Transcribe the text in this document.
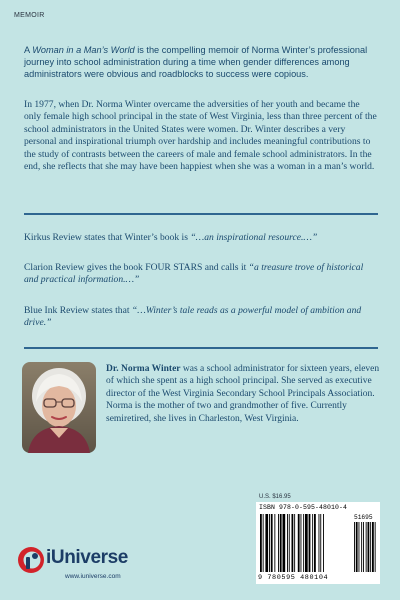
MEMOIR

A Woman in a Man’s World is the compelling memoir of Norma Winter’s professional journey into school administration during a time when gender differences among administrators were obvious and roadblocks to success were copious.

In 1977, when Dr. Norma Winter overcame the adversities of her youth and became the only female high school principal in the state of West Virginia, less than three percent of the school administrators in the United States were women. Dr. Winter describes a very personal and inspirational triumph over hardship and includes meaningful contributions to the study of contrasts between the careers of male and female school administrators. In the end, she reflects that she may have been happiest when she was a woman in a man’s world.

Kirkus Review states that Winter’s book is “…an inspirational resource.…”

Clarion Review gives the book FOUR STARS and calls it “a treasure trove of historical and practical information.…”

Blue Ink Review states that “…Winter’s tale reads as a powerful model of ambition and drive.”

Dr. Norma Winter was a school administrator for sixteen years, eleven of which she spent as a high school principal. She served as executive director of the West Virginia Secondary School Principals Association. Norma is the mother of two and grandmother of five. Currently semiretired, she lives in Charleston, West Virginia.

U.S. $16.95
ISBN 978-0-595-48010-4
51695
9 780595 480104
iUniverse
www.iuniverse.com
